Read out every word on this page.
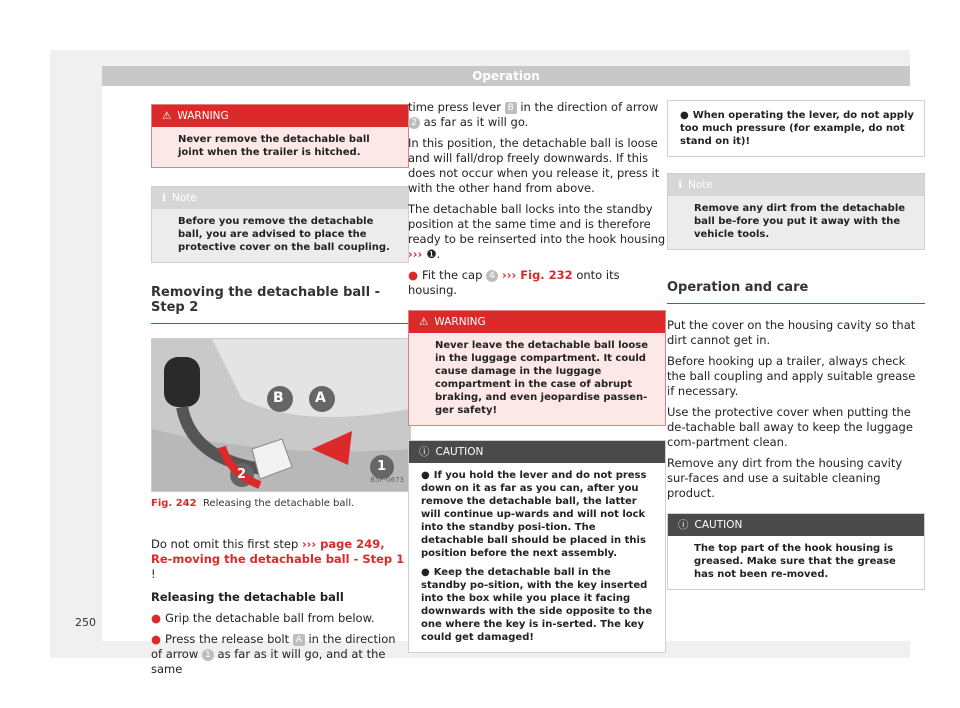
Operation
⚠ WARNING
Never remove the detachable ball joint when the trailer is hitched.
ℹ Note
Before you remove the detachable ball, you are advised to place the protective cover on the ball coupling.
Removing the detachable ball - Step 2
B A
1
2	B5F-0673
Fig. 242 Releasing the detachable ball.

Do not omit this first step ››› page 249, Re-moving the detachable ball - Step 1 !

Releasing the detachable ball

● Grip the detachable ball from below.

● Press the release bolt A in the direction of arrow 1 as far as it will go, and at the same

time press lever B in the direction of arrow 2 as far as it will go.

In this position, the detachable ball is loose and will fall/drop freely downwards. If this does not occur when you release it, press it with the other hand from above.

The detachable ball locks into the standby position at the same time and is therefore ready to be reinserted into the hook housing ››› ❶.

● Fit the cap 4 ››› Fig. 232 onto its housing.

⚠ WARNING
Never leave the detachable ball loose in the luggage compartment. It could cause damage in the luggage compartment in the case of abrupt braking, and even jeopardise passen-ger safety!
ⓘ CAUTION

● If you hold the lever and do not press down on it as far as you can, after you remove the detachable ball, the latter will continue up-wards and will not lock into the standby posi-tion. The detachable ball should be placed in this position before the next assembly.

● Keep the detachable ball in the standby po-sition, with the key inserted into the box while you place it facing downwards with the side opposite to the one where the key is in-serted. The key could get damaged!

● When operating the lever, do not apply too much pressure (for example, do not stand on it)!
ℹ Note
Remove any dirt from the detachable ball be-fore you put it away with the vehicle tools.
Operation and care

Put the cover on the housing cavity so that dirt cannot get in.

Before hooking up a trailer, always check the ball coupling and apply suitable grease if necessary.

Use the protective cover when putting the de-tachable ball away to keep the luggage com-partment clean.

Remove any dirt from the housing cavity sur-faces and use a suitable cleaning product.

ⓘ CAUTION
The top part of the hook housing is greased. Make sure that the grease has not been re-moved.
250
